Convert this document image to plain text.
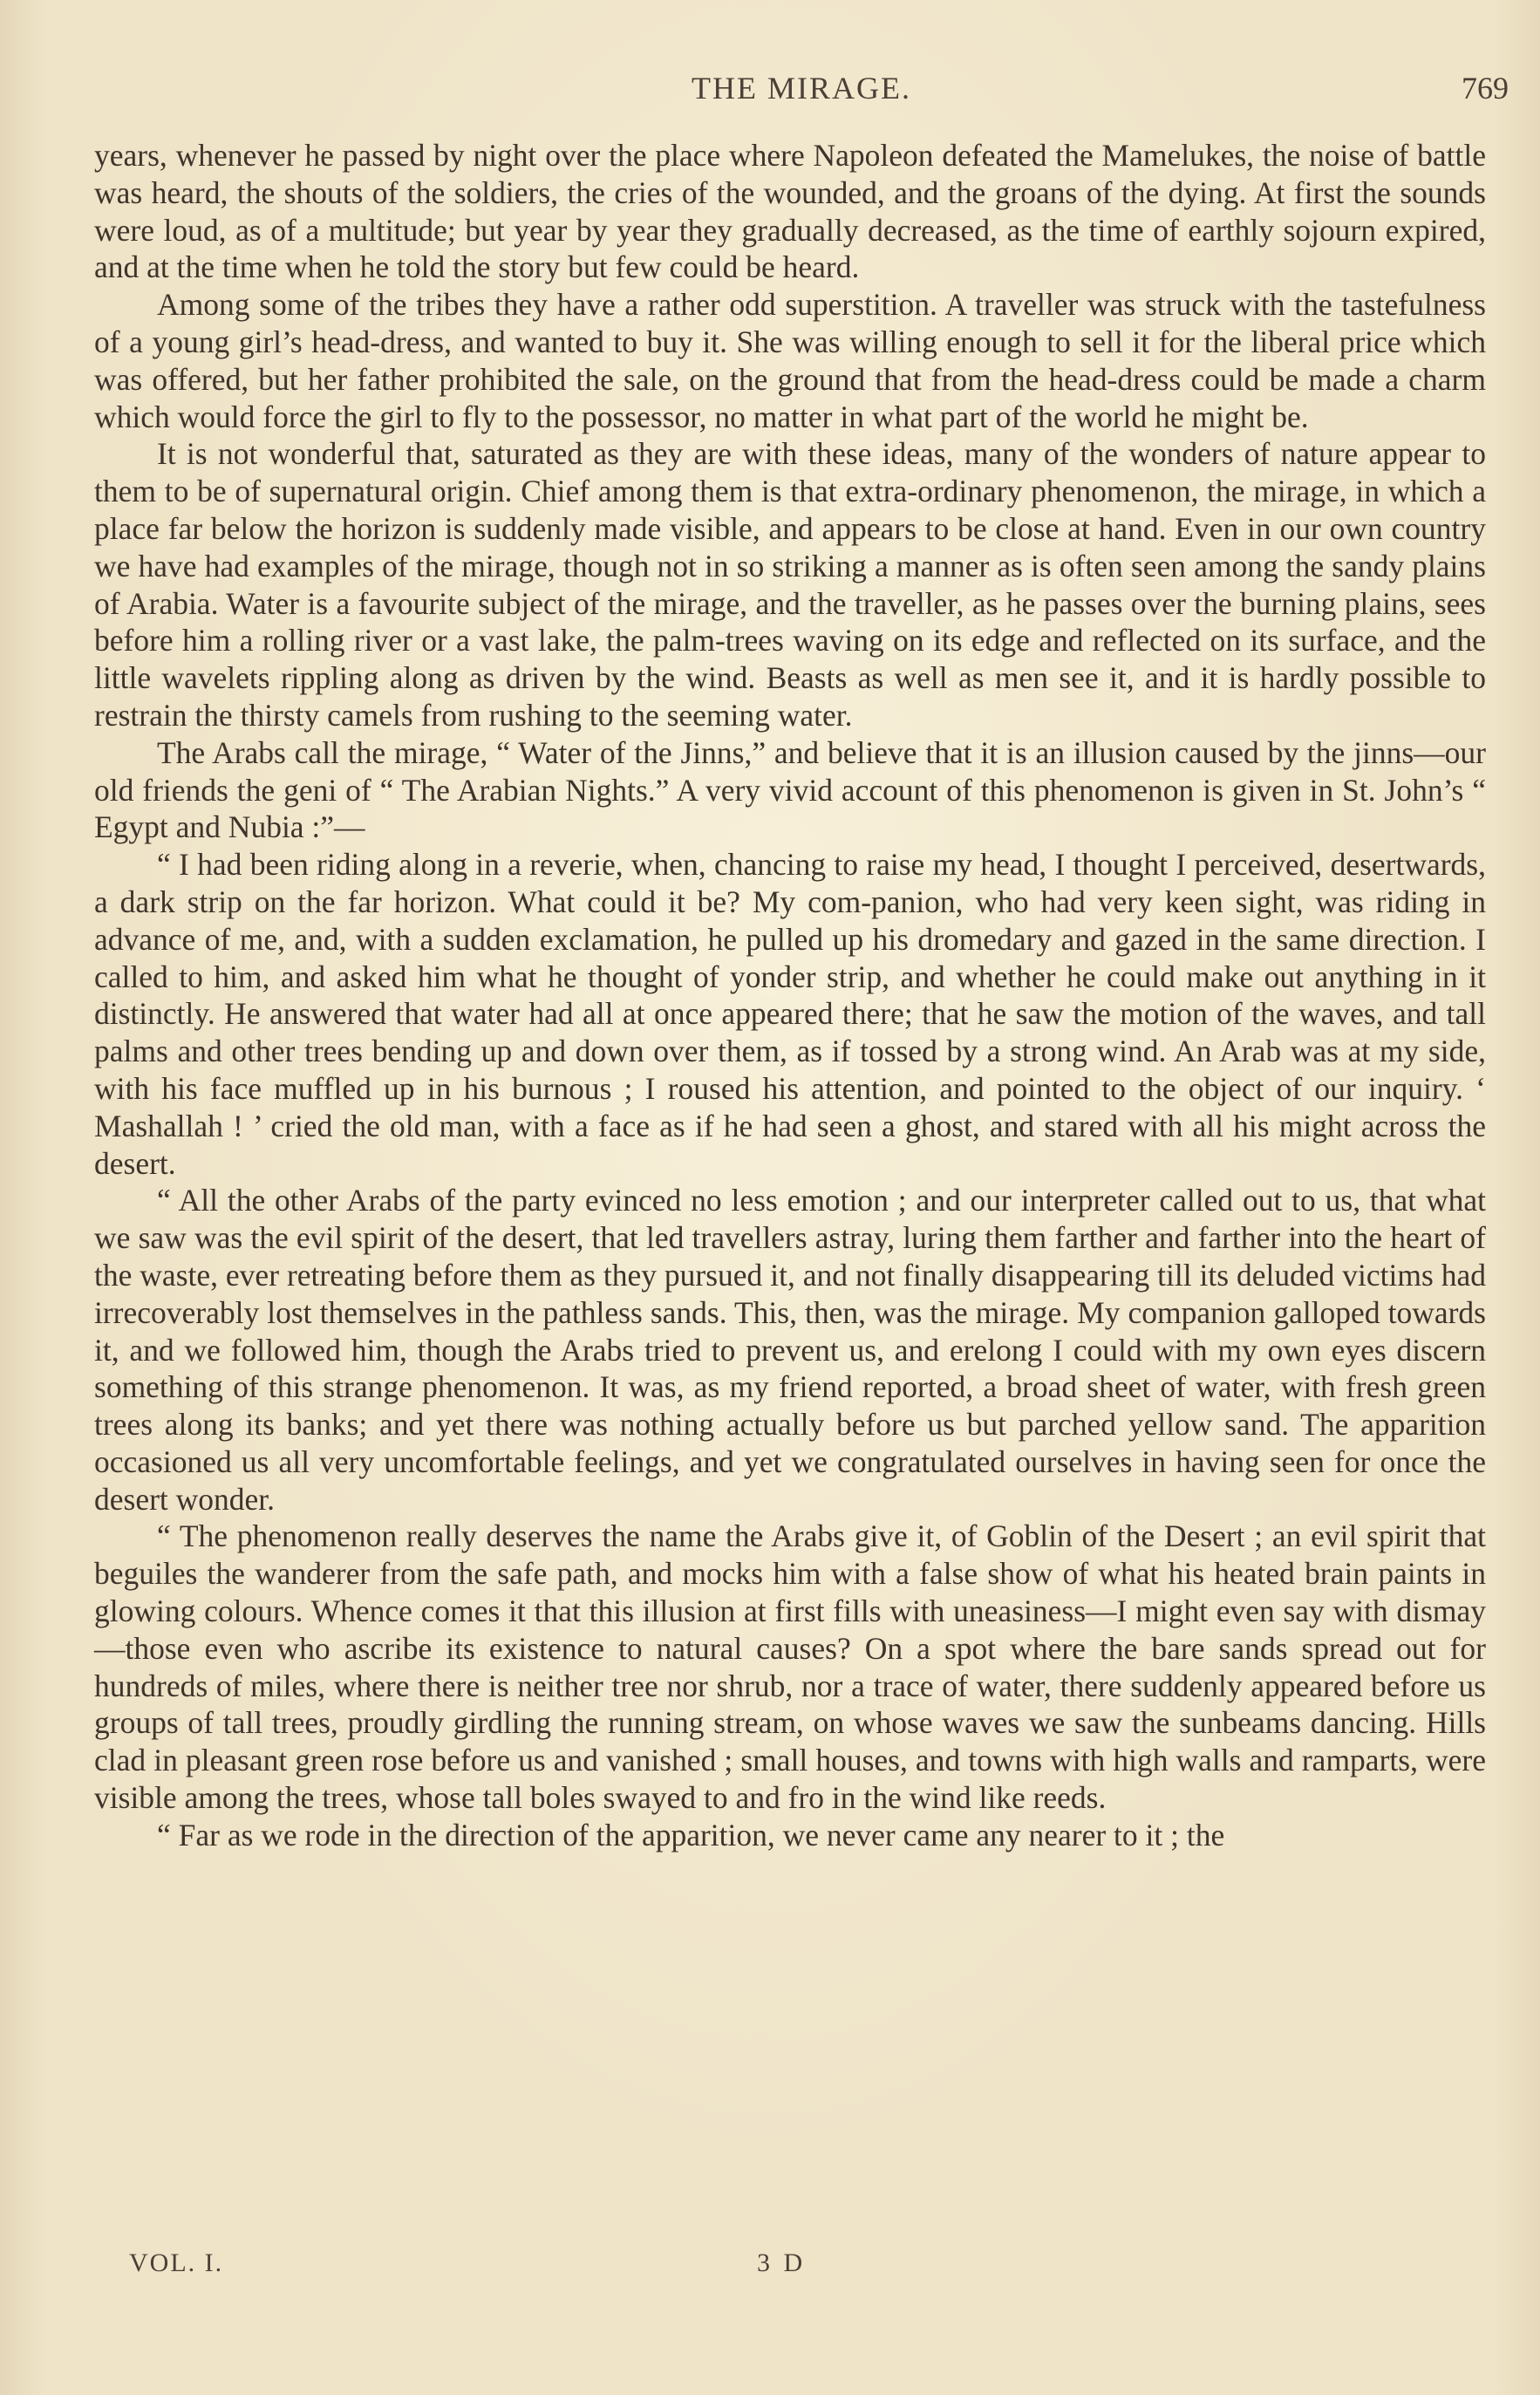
THE MIRAGE.	769

years, whenever he passed by night over the place where Napoleon defeated the Mamelukes, the noise of battle was heard, the shouts of the soldiers, the cries of the wounded, and the groans of the dying. At first the sounds were loud, as of a multitude; but year by year they gradually decreased, as the time of earthly sojourn expired, and at the time when he told the story but few could be heard.

Among some of the tribes they have a rather odd superstition. A traveller was struck with the tastefulness of a young girl’s head-dress, and wanted to buy it. She was willing enough to sell it for the liberal price which was offered, but her father prohibited the sale, on the ground that from the head-dress could be made a charm which would force the girl to fly to the possessor, no matter in what part of the world he might be.

It is not wonderful that, saturated as they are with these ideas, many of the wonders of nature appear to them to be of supernatural origin. Chief among them is that extra-ordinary phenomenon, the mirage, in which a place far below the horizon is suddenly made visible, and appears to be close at hand. Even in our own country we have had examples of the mirage, though not in so striking a manner as is often seen among the sandy plains of Arabia. Water is a favourite subject of the mirage, and the traveller, as he passes over the burning plains, sees before him a rolling river or a vast lake, the palm-trees waving on its edge and reflected on its surface, and the little wavelets rippling along as driven by the wind. Beasts as well as men see it, and it is hardly possible to restrain the thirsty camels from rushing to the seeming water.

The Arabs call the mirage, “ Water of the Jinns,” and believe that it is an illusion caused by the jinns—our old friends the geni of “ The Arabian Nights.” A very vivid account of this phenomenon is given in St. John’s “ Egypt and Nubia :”—

“ I had been riding along in a reverie, when, chancing to raise my head, I thought I perceived, desertwards, a dark strip on the far horizon. What could it be? My com-panion, who had very keen sight, was riding in advance of me, and, with a sudden exclamation, he pulled up his dromedary and gazed in the same direction. I called to him, and asked him what he thought of yonder strip, and whether he could make out anything in it distinctly. He answered that water had all at once appeared there; that he saw the motion of the waves, and tall palms and other trees bending up and down over them, as if tossed by a strong wind. An Arab was at my side, with his face muffled up in his burnous ; I roused his attention, and pointed to the object of our inquiry. ‘ Mashallah ! ’ cried the old man, with a face as if he had seen a ghost, and stared with all his might across the desert.

“ All the other Arabs of the party evinced no less emotion ; and our interpreter called out to us, that what we saw was the evil spirit of the desert, that led travellers astray, luring them farther and farther into the heart of the waste, ever retreating before them as they pursued it, and not finally disappearing till its deluded victims had irrecoverably lost themselves in the pathless sands. This, then, was the mirage. My companion galloped towards it, and we followed him, though the Arabs tried to prevent us, and erelong I could with my own eyes discern something of this strange phenomenon. It was, as my friend reported, a broad sheet of water, with fresh green trees along its banks; and yet there was nothing actually before us but parched yellow sand. The apparition occasioned us all very uncomfortable feelings, and yet we congratulated ourselves in having seen for once the desert wonder.

“ The phenomenon really deserves the name the Arabs give it, of Goblin of the Desert ; an evil spirit that beguiles the wanderer from the safe path, and mocks him with a false show of what his heated brain paints in glowing colours. Whence comes it that this illusion at first fills with uneasiness—I might even say with dismay—those even who ascribe its existence to natural causes? On a spot where the bare sands spread out for hundreds of miles, where there is neither tree nor shrub, nor a trace of water, there suddenly appeared before us groups of tall trees, proudly girdling the running stream, on whose waves we saw the sunbeams dancing. Hills clad in pleasant green rose before us and vanished ; small houses, and towns with high walls and ramparts, were visible among the trees, whose tall boles swayed to and fro in the wind like reeds.

“ Far as we rode in the direction of the apparition, we never came any nearer to it ; the

VOL. I.	3 D
